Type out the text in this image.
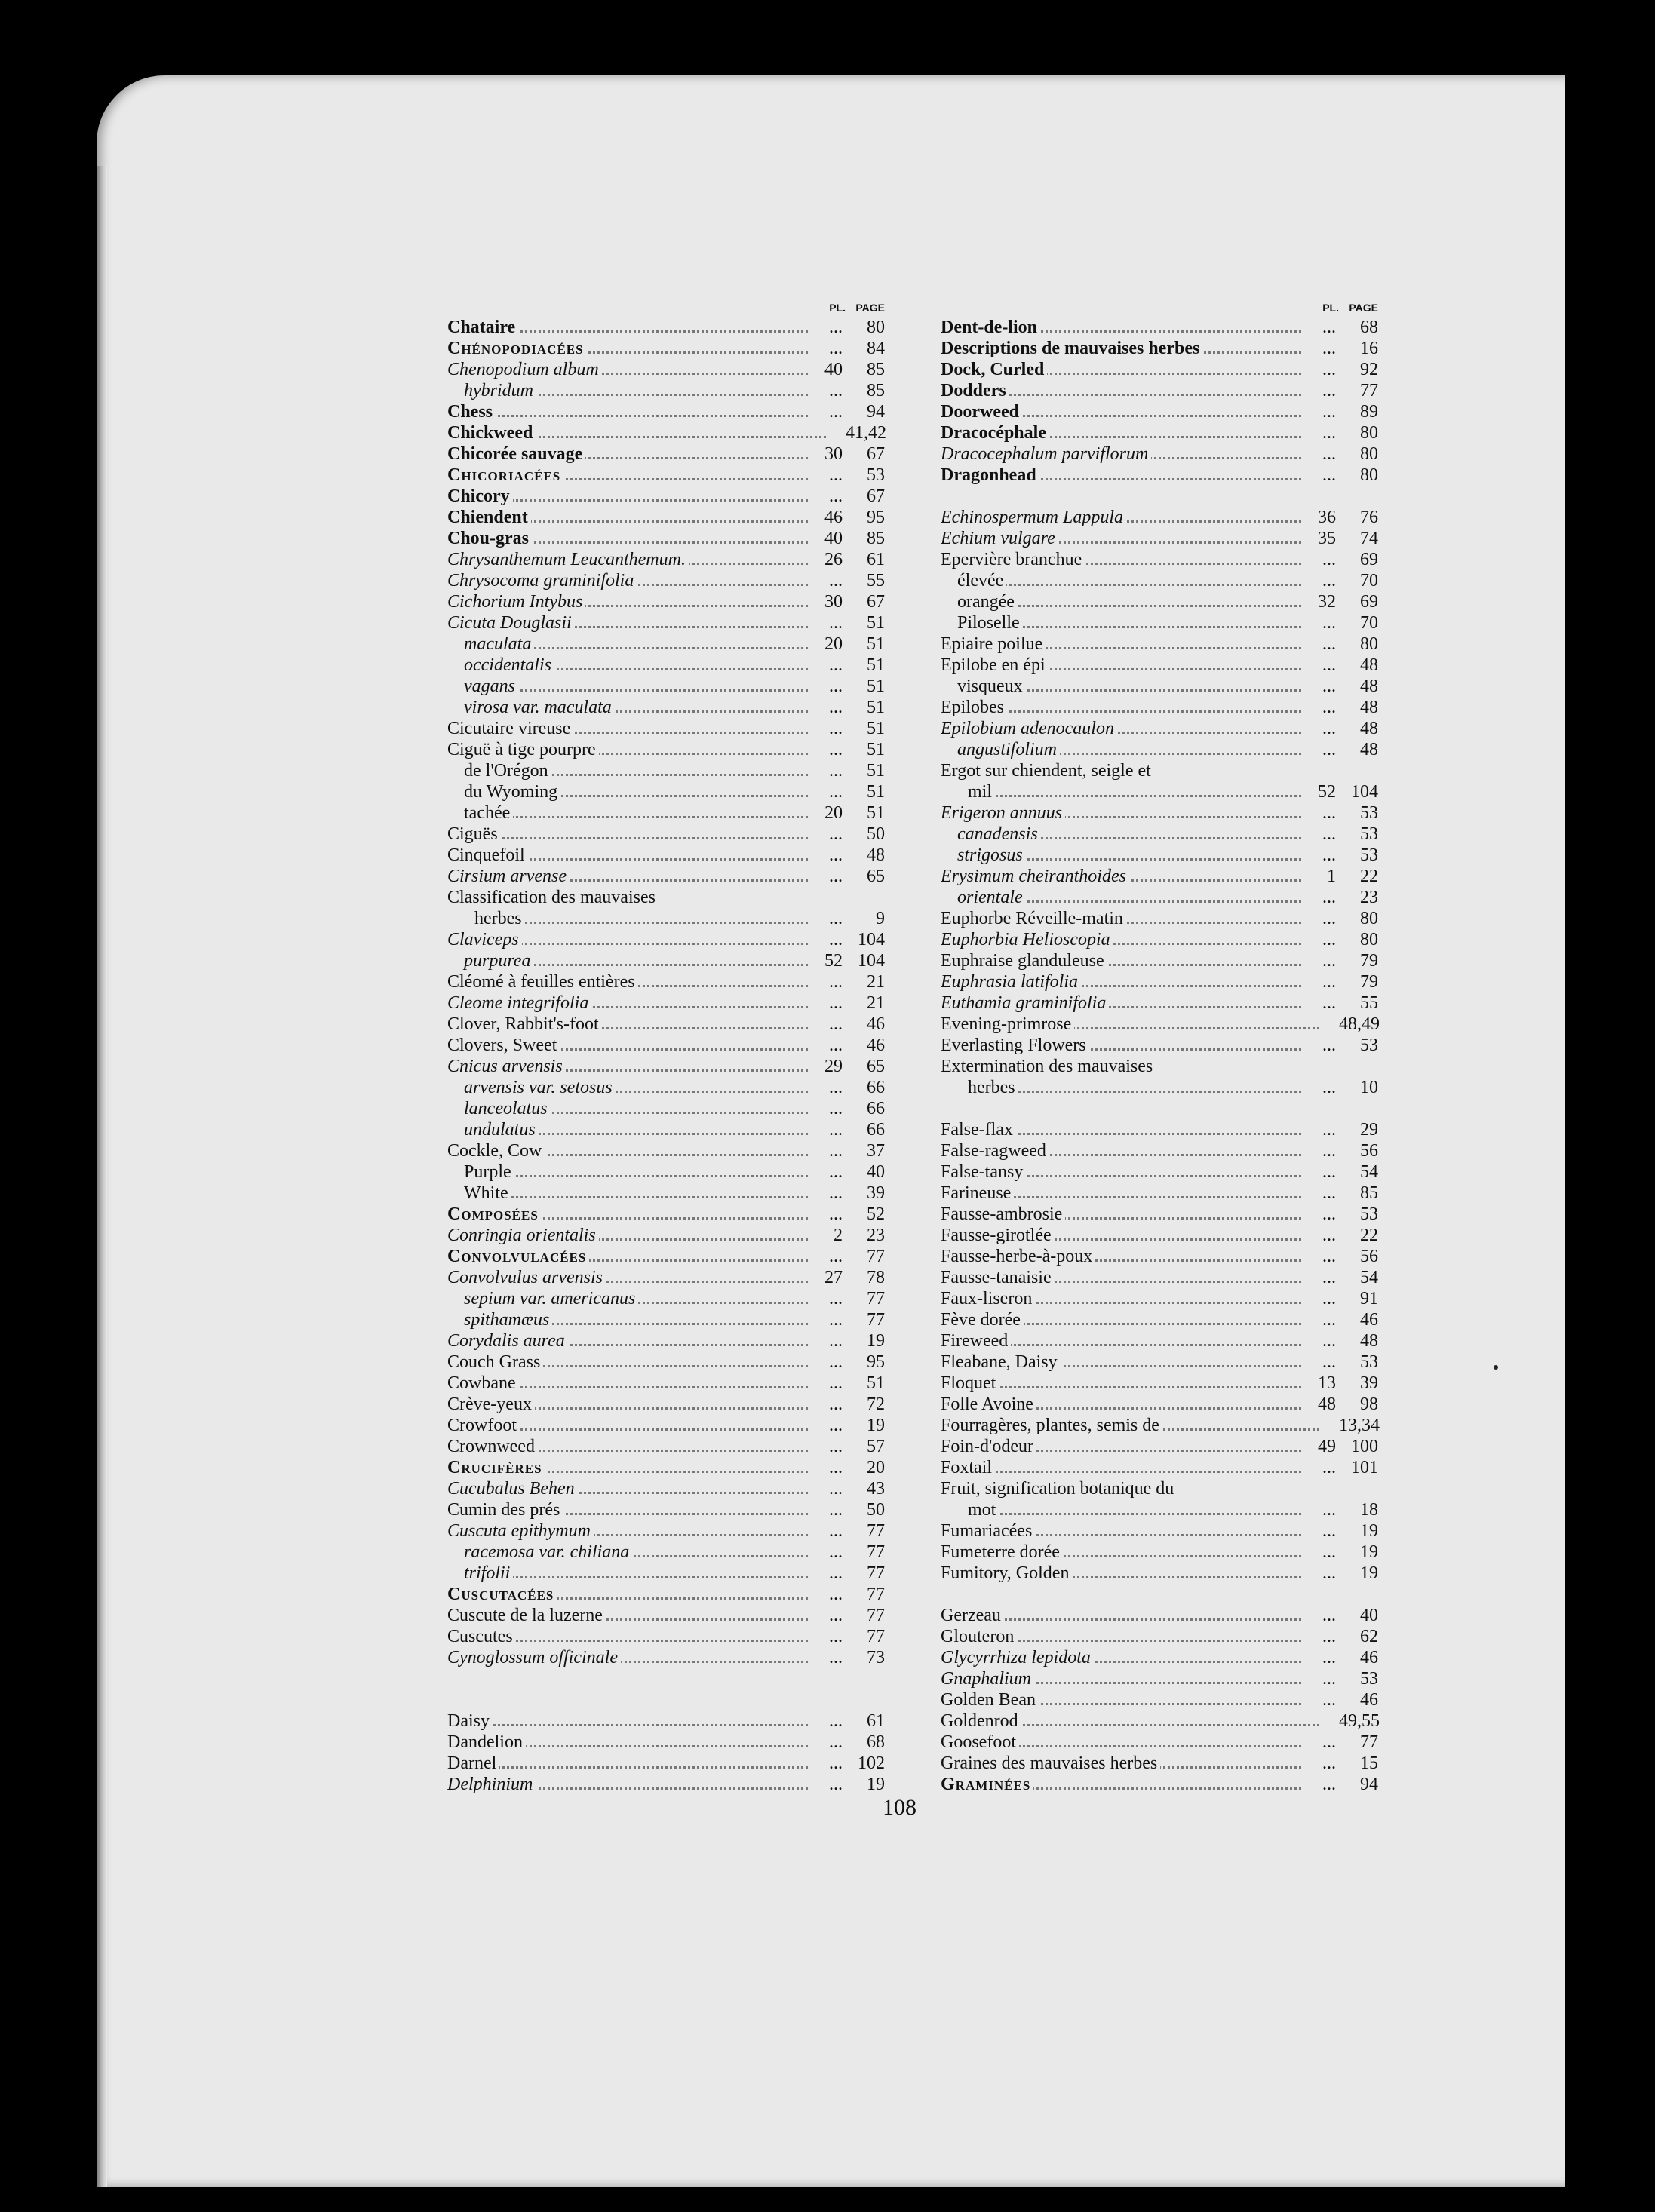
PL. PAGE
Chataire	...	80
Chénopodiacées	...	84
Chenopodium album	40	85
hybridum	...	85
Chess	...	94
Chickweed	41,42
Chicorée sauvage	30	67
Chicoriacées	...	53
Chicory	...	67
Chiendent	46	95
Chou-gras	40	85
Chrysanthemum Leucanthemum.	26	61
Chrysocoma graminifolia	...	55
Cichorium Intybus	30	67
Cicuta Douglasii	...	51
maculata	20	51
occidentalis	...	51
vagans	...	51
virosa var. maculata	...	51
Cicutaire vireuse	...	51
Ciguë à tige pourpre	...	51
de l'Orégon	...	51
du Wyoming	...	51
tachée	20	51
Ciguës	...	50
Cinquefoil	...	48
Cirsium arvense	...	65
Classification des mauvaises
herbes	...	9
Claviceps	... 104
purpurea	52 104
Cléomé à feuilles entières	...	21
Cleome integrifolia	...	21
Clover, Rabbit's-foot	...	46
Clovers, Sweet	...	46
Cnicus arvensis	29	65
arvensis var. setosus	...	66
lanceolatus	...	66
undulatus	...	66
Cockle, Cow	...	37
Purple	...	40
White	...	39
Composées	...	52
Conringia orientalis	2	23
Convolvulacées	...	77
Convolvulus arvensis	27	78
sepium var. americanus	...	77
spithamæus	...	77
Corydalis aurea	...	19
Couch Grass	...	95
Cowbane	...	51
Crève-yeux	...	72
Crowfoot	...	19
Crownweed	...	57
Crucifères	...	20
Cucubalus Behen	...	43
Cumin des prés	...	50
Cuscuta epithymum	...	77
racemosa var. chiliana	...	77
trifolii	...	77
Cuscutacées	...	77
Cuscute de la luzerne	...	77
Cuscutes	...	77
Cynoglossum officinale	...	73
Daisy	...	61
Dandelion	...	68
Darnel	... 102
Delphinium	...	19
PL. PAGE
Dent-de-lion	...	68
Descriptions de mauvaises herbes	...	16
Dock, Curled	...	92
Dodders	...	77
Doorweed	...	89
Dracocéphale	...	80
Dracocephalum parviflorum	...	80
Dragonhead	...	80
Echinospermum Lappula	36	76
Echium vulgare	35	74
Epervière branchue	...	69
élevée	...	70
orangée	32	69
Piloselle	...	70
Epiaire poilue	...	80
Epilobe en épi	...	48
visqueux	...	48
Epilobes	...	48
Epilobium adenocaulon	...	48
angustifolium	...	48
Ergot sur chiendent, seigle et
mil	52 104
Erigeron annuus	...	53
canadensis	...	53
strigosus	...	53
Erysimum cheiranthoides	1	22
orientale	...	23
Euphorbe Réveille-matin	...	80
Euphorbia Helioscopia	...	80
Euphraise glanduleuse	...	79
Euphrasia latifolia	...	79
Euthamia graminifolia	...	55
Evening-primrose	48,49
Everlasting Flowers	...	53
Extermination des mauvaises
herbes	...	10
False-flax	...	29
False-ragweed	...	56
False-tansy	...	54
Farineuse	...	85
Fausse-ambrosie	...	53
Fausse-girotlée	...	22
Fausse-herbe-à-poux	...	56
Fausse-tanaisie	...	54
Faux-liseron	...	91
Fève dorée	...	46
Fireweed	...	48
Fleabane, Daisy	...	53
Floquet	13	39
Folle Avoine	48	98
Fourragères, plantes, semis de	13,34
Foin-d'odeur	49 100
Foxtail	... 101
Fruit, signification botanique du
mot	...	18
Fumariacées	...	19
Fumeterre dorée	...	19
Fumitory, Golden	...	19
Gerzeau	...	40
Glouteron	...	62
Glycyrrhiza lepidota	...	46
Gnaphalium	...	53
Golden Bean	...	46
Goldenrod	49,55
Goosefoot	...	77
Graines des mauvaises herbes	...	15
Graminées	...	94
108
